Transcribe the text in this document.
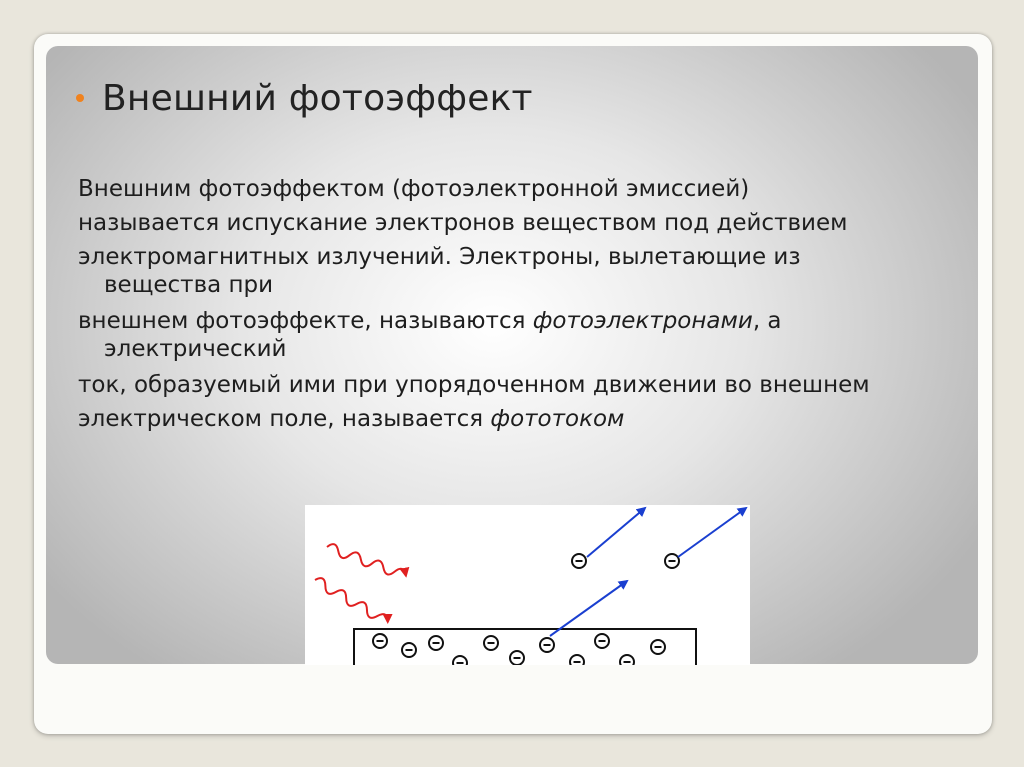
Внешний фотоэффект
Внешним фотоэффектом (фотоэлектронной эмиссией)
называется испускание электронов веществом под действием
электромагнитных излучений. Электроны, вылетающие из
вещества при
внешнем фотоэффекте, называются фотоэлектронами, а
электрический
ток, образуемый ими при упорядоченном движении во внешнем
электрическом поле, называется фототоком
